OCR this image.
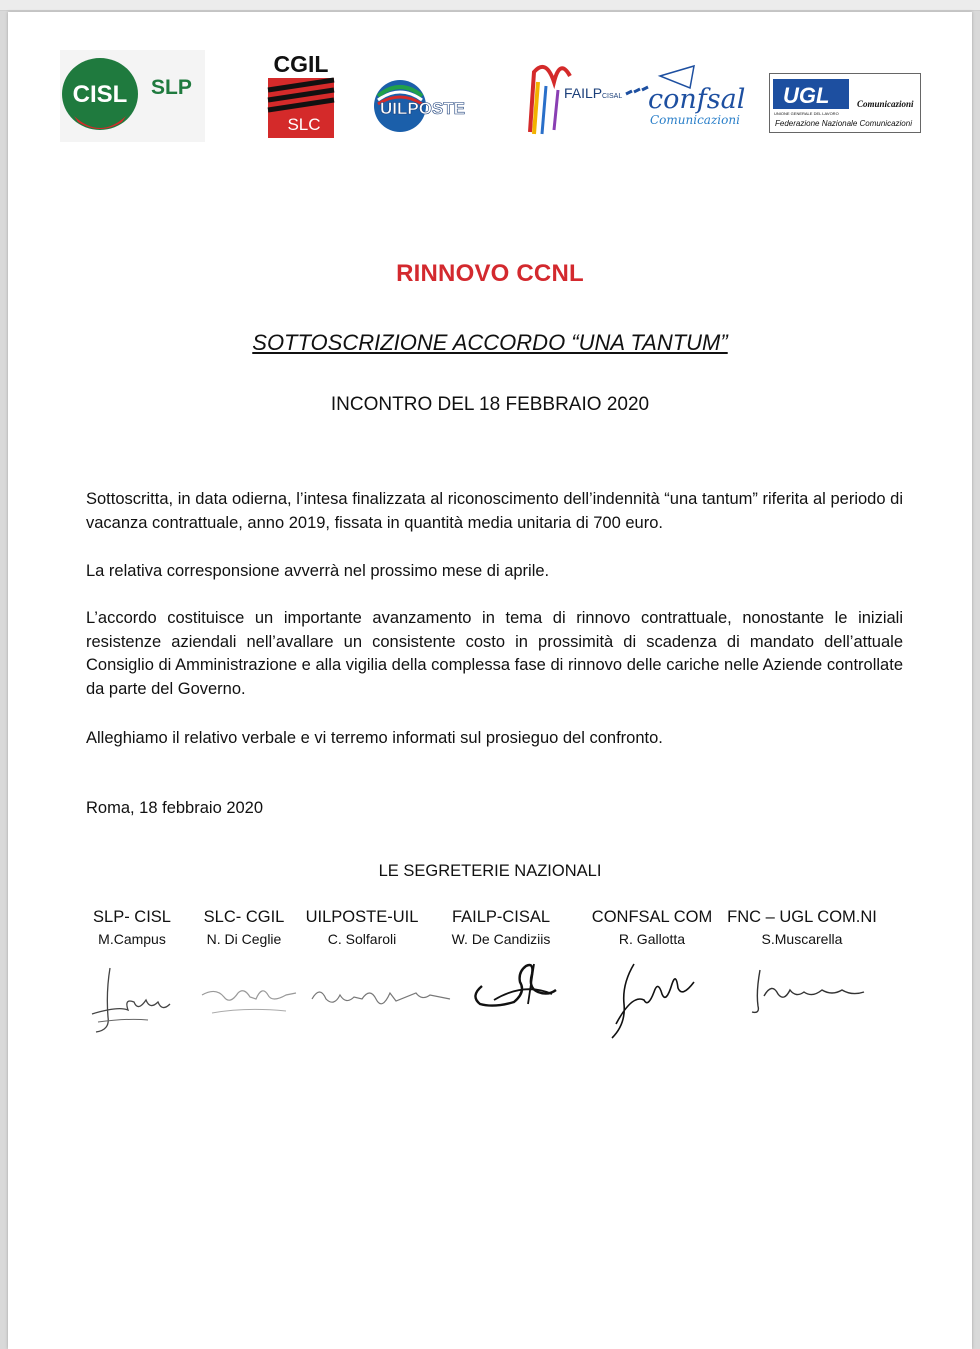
CISL SLP
CGIL
SLC
UILPOSTE
FAILP CISAL confsal
Comunicazioni
UGL
UNIONE GENERALE DEL LAVORO
Comunicazioni
Federazione Nazionale Comunicazioni
RINNOVO CCNL
SOTTOSCRIZIONE ACCORDO “UNA TANTUM”
INCONTRO DEL 18 FEBBRAIO 2020
Sottoscritta, in data odierna, l’intesa finalizzata al riconoscimento dell’indennità “una tantum” riferita al periodo di vacanza contrattuale, anno 2019, fissata in quantità media unitaria di 700 euro.
La relativa corresponsione avverrà nel prossimo mese di aprile.
L’accordo costituisce un importante avanzamento in tema di rinnovo contrattuale, nonostante le iniziali resistenze aziendali nell’avallare un consistente costo in prossimità di scadenza di mandato dell’attuale Consiglio di Amministrazione e alla vigilia della complessa fase di rinnovo delle cariche nelle Aziende controllate da parte del Governo.
Alleghiamo il relativo verbale e vi terremo informati sul prosieguo del confronto.
Roma, 18 febbraio 2020
LE SEGRETERIE NAZIONALI
SLP- CISL
M.Campus
SLC- CGIL
N. Di Ceglie
UILPOSTE-UIL
C. Solfaroli
FAILP-CISAL
W. De Candiziis
CONFSAL COM
R. Gallotta
FNC – UGL COM.NI
S.Muscarella
